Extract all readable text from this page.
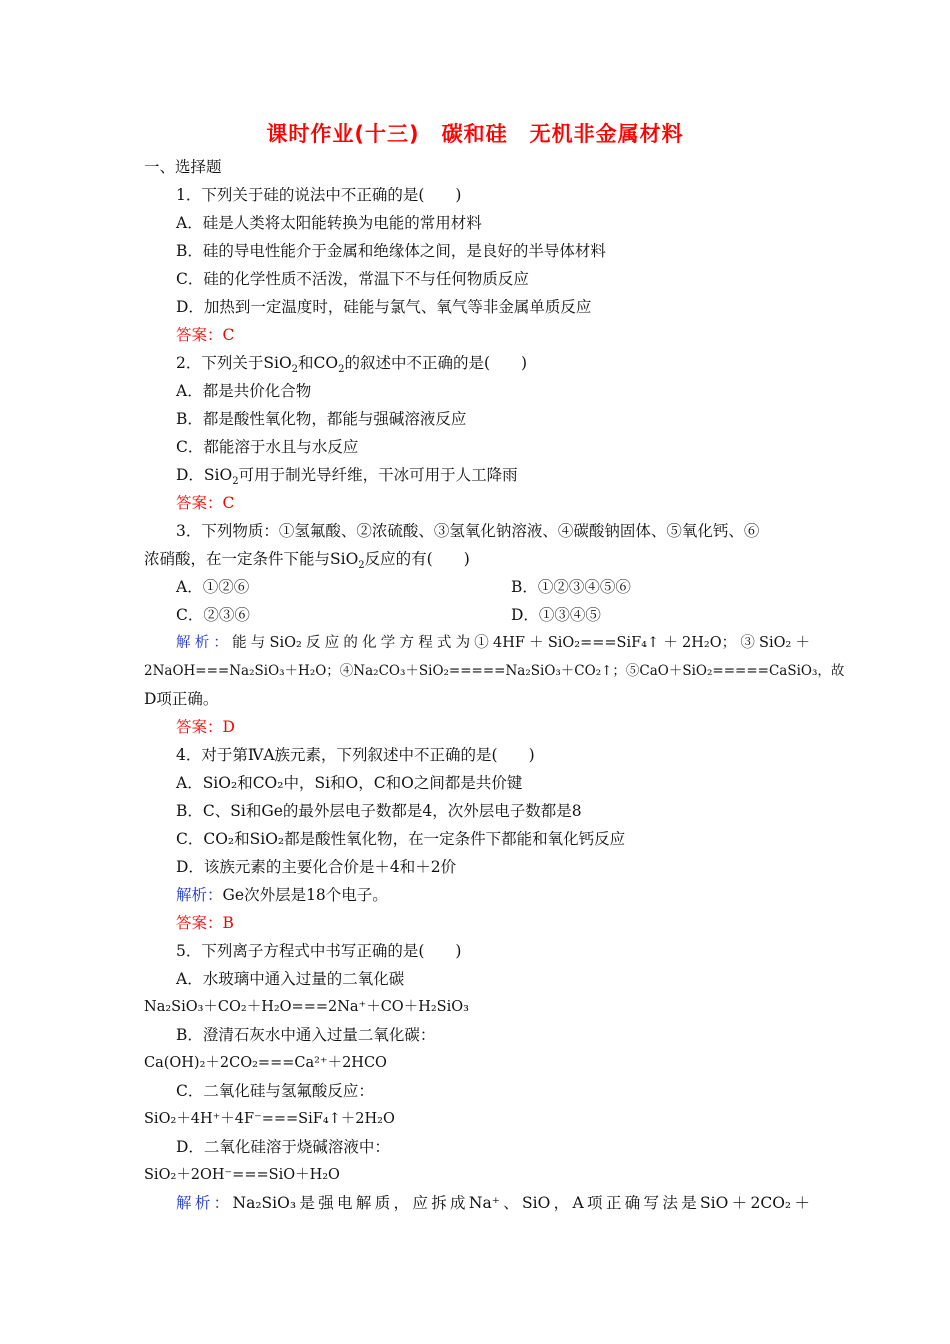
课时作业(十三)　碳和硅　无机非金属材料
一、选择题
1．下列关于硅的说法中不正确的是(　　)
A．硅是人类将太阳能转换为电能的常用材料
B．硅的导电性能介于金属和绝缘体之间，是良好的半导体材料
C．硅的化学性质不活泼，常温下不与任何物质反应
D．加热到一定温度时，硅能与氯气、氧气等非金属单质反应
答案：C
2．下列关于SiO$_2$和$CO_2$的叙述中不正确的是(　　)
A．都是共价化合物
B．都是酸性氧化物，都能与强碱溶液反应
C．都能溶于水且与水反应
D．SiO$_2$可用于制光导纤维，干冰可用于人工降雨
答案：C
3．下列物质：①氢氟酸、②浓硫酸、③氢氧化钠溶液、④碳酸钠固体、⑤氧化钙、⑥
浓硝酸，在一定条件下能与SiO$_2$反应的有(　　)
A．①②⑥	B．①②③④⑤⑥
C．②③⑥	D．①③④⑤
解析：能与SiO₂反应的化学方程式为①4HF＋SiO₂===SiF₄↑＋2H₂O；③SiO₂＋
2NaOH===Na₂SiO₃＋H₂O；④Na₂CO₃＋SiO₂=====Na₂SiO₃＋CO₂↑；⑤CaO＋SiO₂=====CaSiO₃，故
D项正确。
答案：D
4．对于第ⅣA族元素，下列叙述中不正确的是(　　)
A．SiO₂和CO₂中，Si和O，C和O之间都是共价键
B．C、Si和Ge的最外层电子数都是4，次外层电子数都是8
C．CO₂和SiO₂都是酸性氧化物，在一定条件下都能和氧化钙反应
D．该族元素的主要化合价是＋4和＋2价
解析：Ge次外层是18个电子。
答案：B
5．下列离子方程式中书写正确的是(　　)
A．水玻璃中通入过量的二氧化碳
Na₂SiO₃＋CO₂＋H₂O===2Na⁺＋CO＋H₂SiO₃
B．澄清石灰水中通入过量二氧化碳：
Ca(OH)₂＋2CO₂===Ca²⁺＋2HCO
C．二氧化硅与氢氟酸反应：
SiO₂＋4H⁺＋4F⁻===SiF₄↑＋2H₂O
D．二氧化硅溶于烧碱溶液中：
SiO₂＋2OH⁻===SiO＋H₂O
解析：Na₂SiO₃是强电解质，应拆成Na⁺、SiO，A项正确写法是SiO＋2CO₂＋
